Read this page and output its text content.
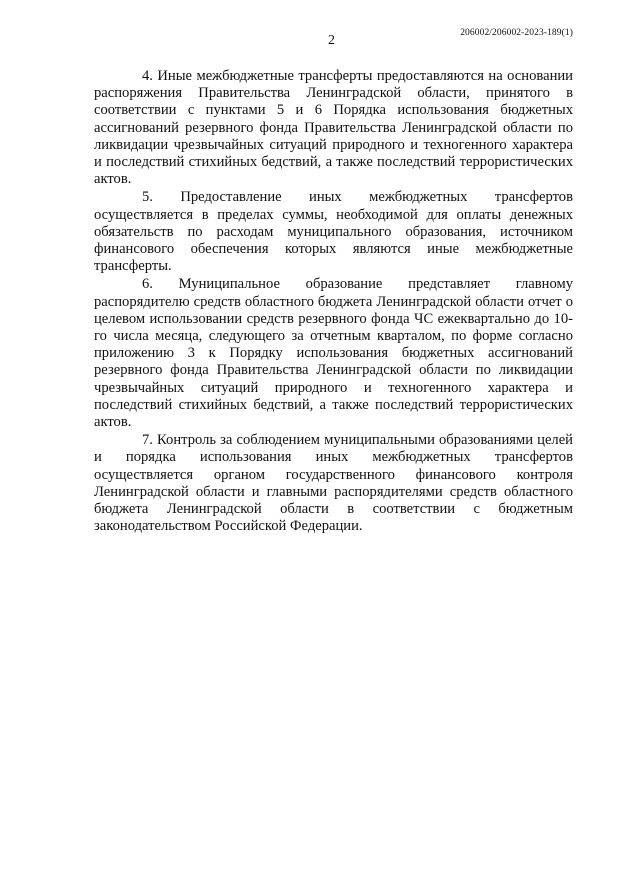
206002/206002-2023-189(1)
2

4. Иные межбюджетные трансферты предоставляются на основании распоряжения Правительства Ленинградской области, принятого в соответствии с пунктами 5 и 6 Порядка использования бюджетных ассигнований резервного фонда Правительства Ленинградской области по ликвидации чрезвычайных ситуаций природного и техногенного характера и последствий стихийных бедствий, а также последствий террористических актов.

5. Предоставление иных межбюджетных трансфертов осуществляется в пределах суммы, необходимой для оплаты денежных обязательств по расходам муниципального образования, источником финансового обеспечения которых являются иные межбюджетные трансферты.

6. Муниципальное образование представляет главному распорядителю средств областного бюджета Ленинградской области отчет о целевом использовании средств резервного фонда ЧС ежеквартально до 10-го числа месяца, следующего за отчетным кварталом, по форме согласно приложению 3 к Порядку использования бюджетных ассигнований резервного фонда Правительства Ленинградской области по ликвидации чрезвычайных ситуаций природного и техногенного характера и последствий стихийных бедствий, а также последствий террористических актов.

7. Контроль за соблюдением муниципальными образованиями целей и порядка использования иных межбюджетных трансфертов осуществляется органом государственного финансового контроля Ленинградской области и главными распорядителями средств областного бюджета Ленинградской области в соответствии с бюджетным законодательством Российской Федерации.
